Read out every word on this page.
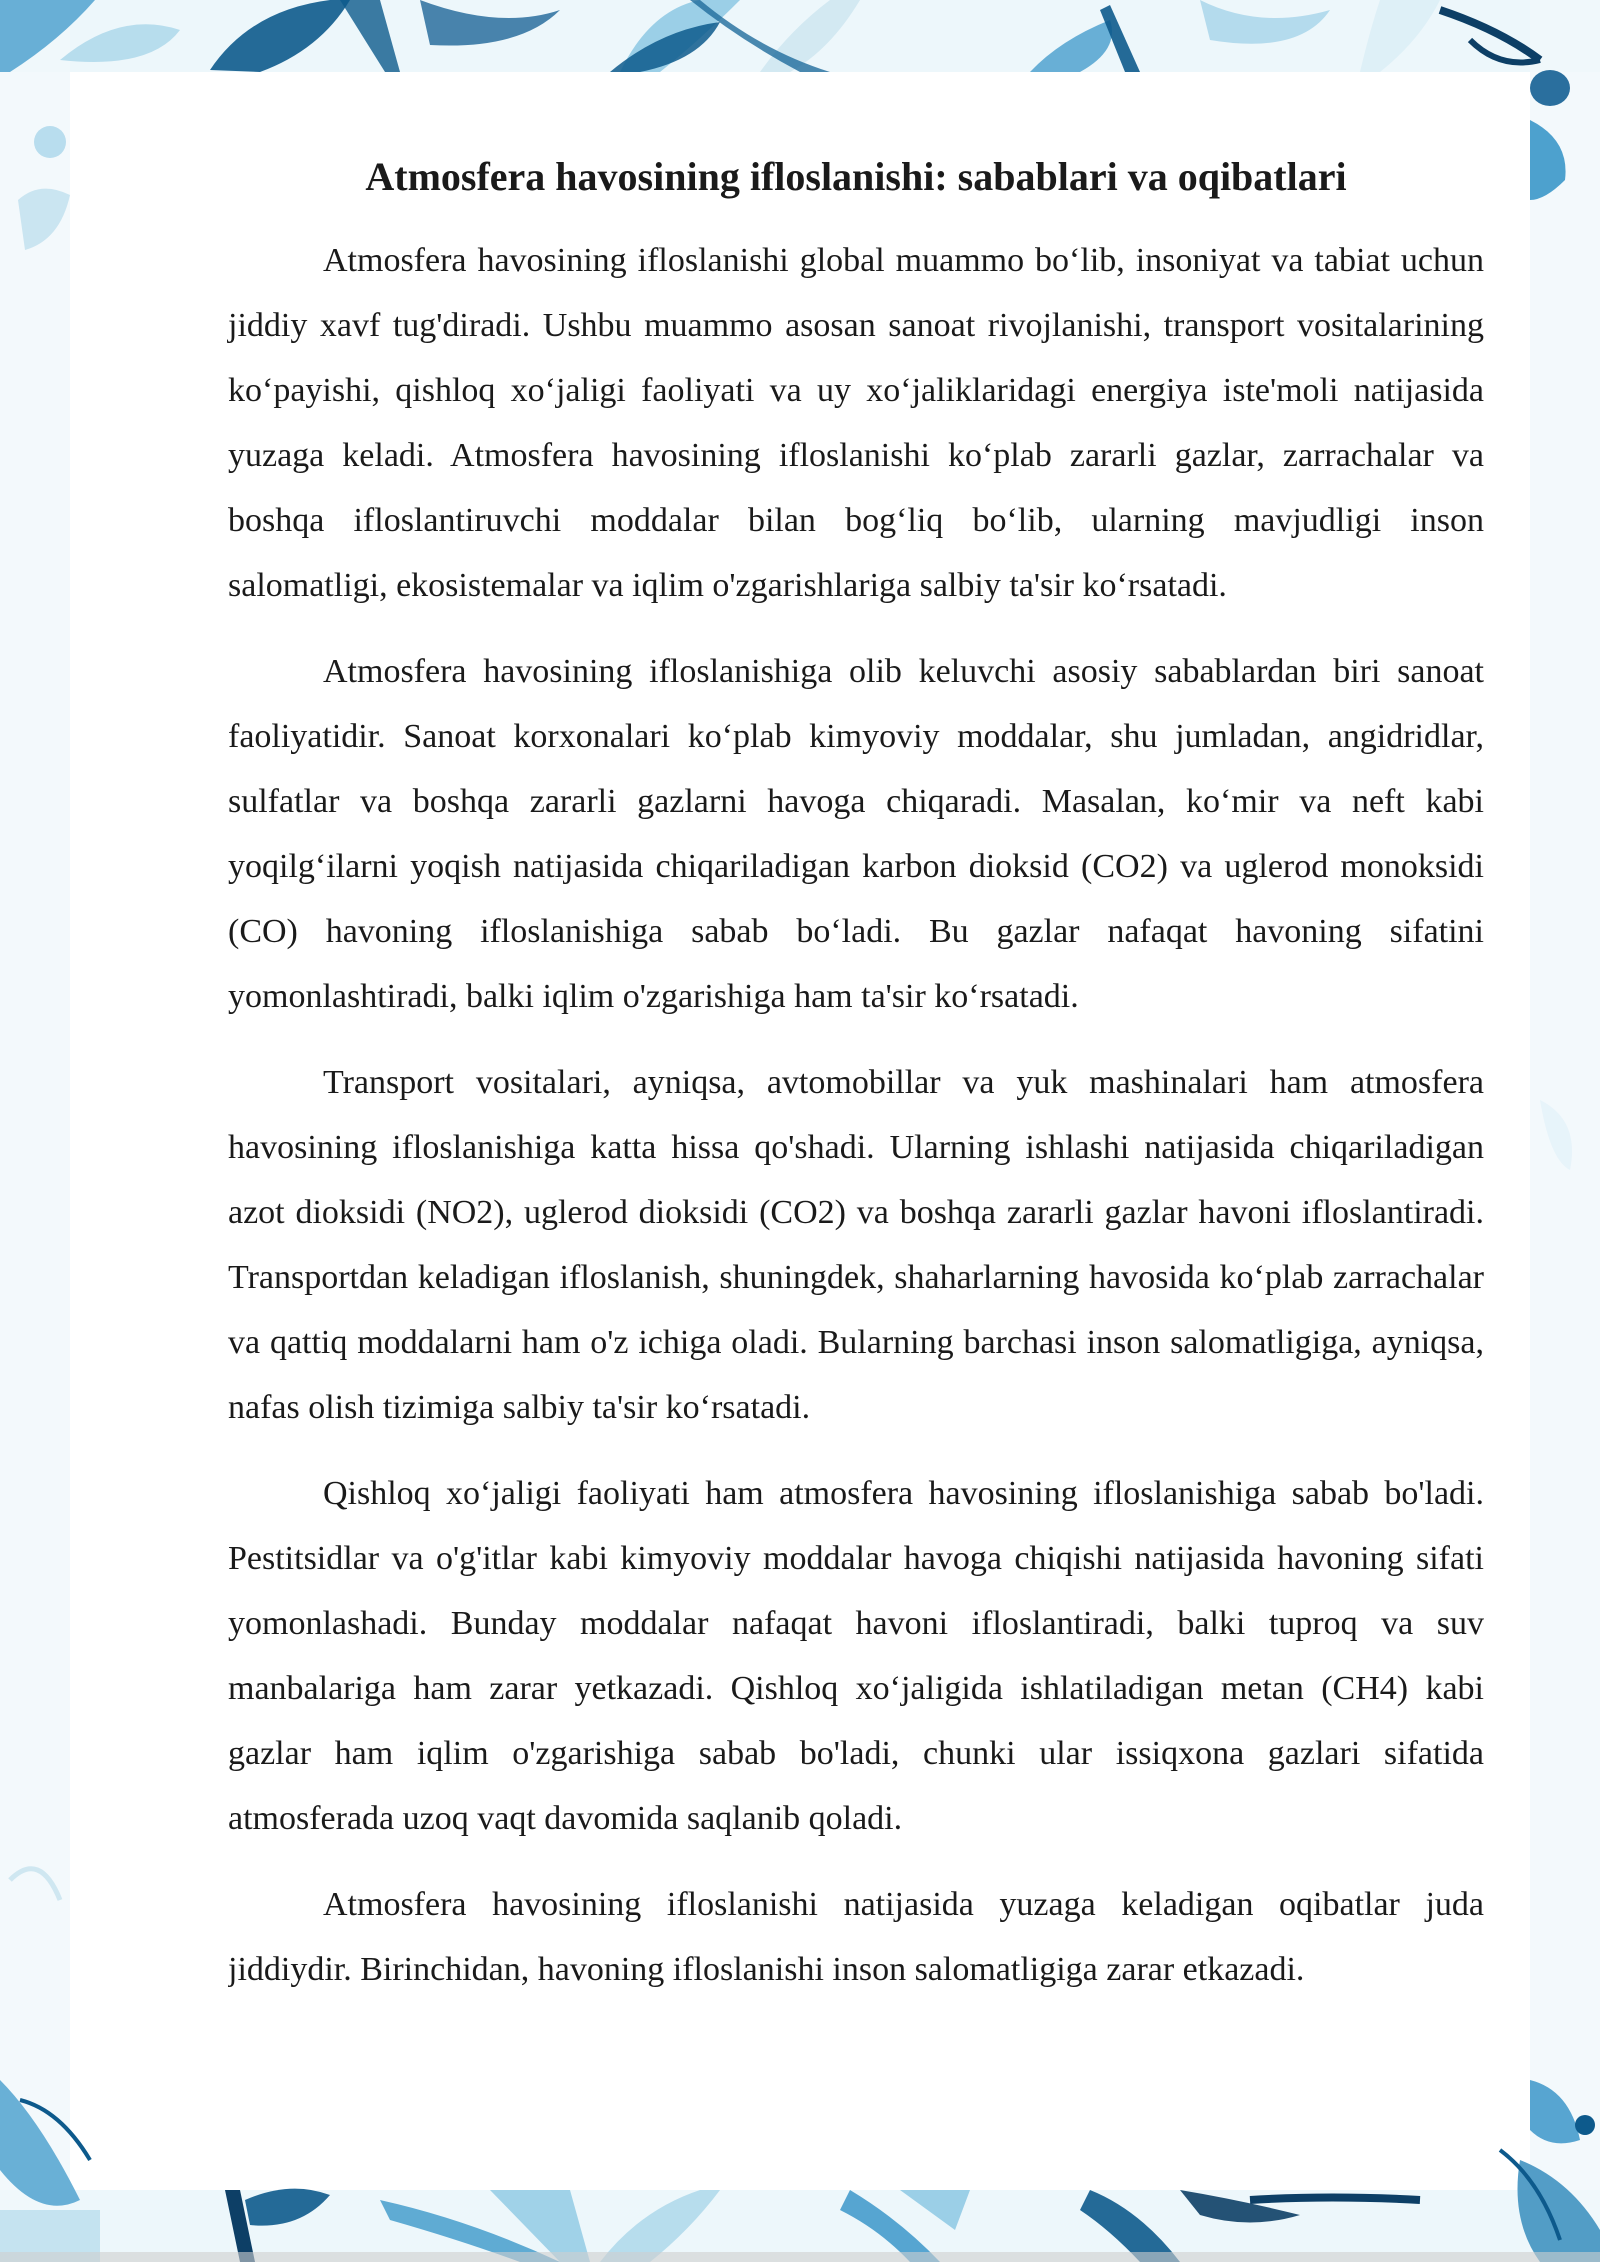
Atmosfera havosining ifloslanishi: sabablari va oqibatlari

Atmosfera havosining ifloslanishi global muammo bo‘lib, insoniyat va tabiat uchun jiddiy xavf tug'diradi. Ushbu muammo asosan sanoat rivojlanishi, transport vositalarining ko‘payishi, qishloq xo‘jaligi faoliyati va uy xo‘jaliklaridagi energiya iste'moli natijasida yuzaga keladi. Atmosfera havosining ifloslanishi ko‘plab zararli gazlar, zarrachalar va boshqa ifloslantiruvchi moddalar bilan bog‘liq bo‘lib, ularning mavjudligi inson salomatligi, ekosistemalar va iqlim o'zgarishlariga salbiy ta'sir ko‘rsatadi.

Atmosfera havosining ifloslanishiga olib keluvchi asosiy sabablardan biri sanoat faoliyatidir. Sanoat korxonalari ko‘plab kimyoviy moddalar, shu jumladan, angidridlar, sulfatlar va boshqa zararli gazlarni havoga chiqaradi. Masalan, ko‘mir va neft kabi yoqilg‘ilarni yoqish natijasida chiqariladigan karbon dioksid (CO2) va uglerod monoksidi (CO) havoning ifloslanishiga sabab bo‘ladi. Bu gazlar nafaqat havoning sifatini yomonlashtiradi, balki iqlim o'zgarishiga ham ta'sir ko‘rsatadi.

Transport vositalari, ayniqsa, avtomobillar va yuk mashinalari ham atmosfera havosining ifloslanishiga katta hissa qo'shadi. Ularning ishlashi natijasida chiqariladigan azot dioksidi (NO2), uglerod dioksidi (CO2) va boshqa zararli gazlar havoni ifloslantiradi. Transportdan keladigan ifloslanish, shuningdek, shaharlarning havosida ko‘plab zarrachalar va qattiq moddalarni ham o'z ichiga oladi. Bularning barchasi inson salomatligiga, ayniqsa, nafas olish tizimiga salbiy ta'sir ko‘rsatadi.

Qishloq xo‘jaligi faoliyati ham atmosfera havosining ifloslanishiga sabab bo'ladi. Pestitsidlar va o'g'itlar kabi kimyoviy moddalar havoga chiqishi natijasida havoning sifati yomonlashadi. Bunday moddalar nafaqat havoni ifloslantiradi, balki tuproq va suv manbalariga ham zarar yetkazadi. Qishloq xo‘jaligida ishlatiladigan metan (CH4) kabi gazlar ham iqlim o'zgarishiga sabab bo'ladi, chunki ular issiqxona gazlari sifatida atmosferada uzoq vaqt davomida saqlanib qoladi.

Atmosfera havosining ifloslanishi natijasida yuzaga keladigan oqibatlar juda jiddiydir. Birinchidan, havoning ifloslanishi inson salomatligiga zarar etkazadi.
